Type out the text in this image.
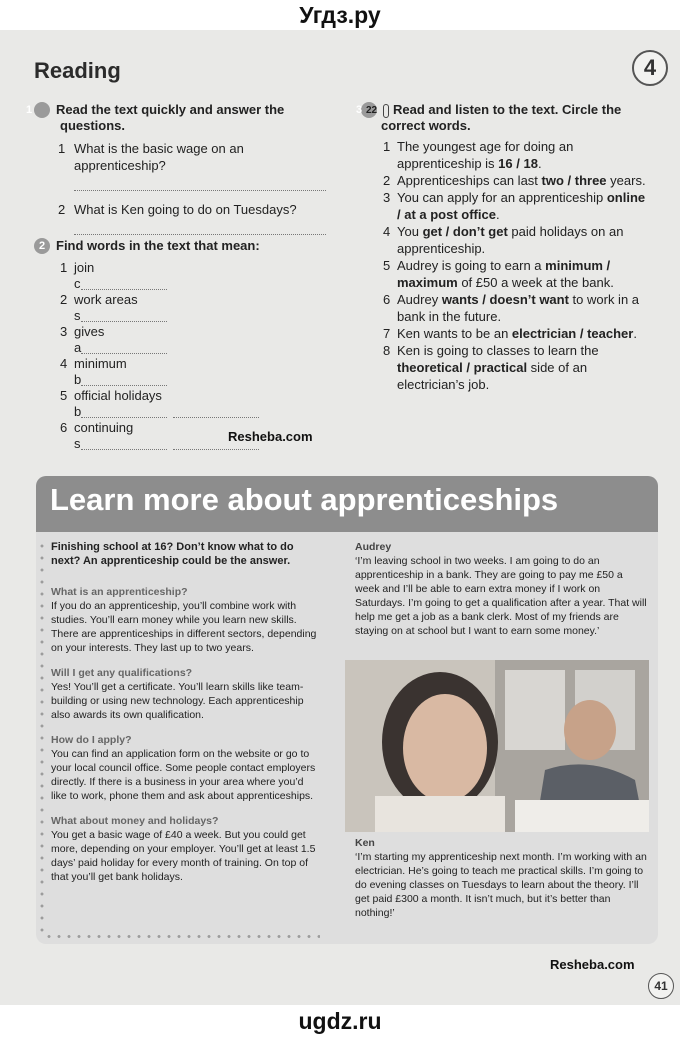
Угдз.ру
Reading	4
1 Read the text quickly and answer the questions.
1 What is the basic wage on an apprenticeship?
2 What is Ken going to do on Tuesdays?
2 Find words in the text that mean:
1 join
c
2 work areas
s
3 gives
a
4 minimum
b
5 official holidays
b
6 continuing
s	Resheba.com
3 22 Read and listen to the text. Circle the correct words.
1 The youngest age for doing an apprenticeship is 16 / 18.
2 Apprenticeships can last two / three years.
3 You can apply for an apprenticeship online / at a post office.
4 You get / don’t get paid holidays on an apprenticeship.
5 Audrey is going to earn a minimum / maximum of £50 a week at the bank.
6 Audrey wants / doesn’t want to work in a bank in the future.
7 Ken wants to be an electrician / teacher.
8 Ken is going to classes to learn the theoretical / practical side of an electrician’s job.
Learn more about apprenticeships
Finishing school at 16? Don’t know what to do next? An apprenticeship could be the answer.
What is an apprenticeship?
If you do an apprenticeship, you’ll combine work with studies. You’ll earn money while you learn new skills. There are apprenticeships in different sectors, depending on your interests. They last up to two years.
Will I get any qualifications?
Yes! You’ll get a certificate. You’ll learn skills like team-building or using new technology. Each apprenticeship also awards its own qualification.
How do I apply?
You can find an application form on the website or go to your local council office. Some people contact employers directly. If there is a business in your area where you’d like to work, phone them and ask about apprenticeships.
What about money and holidays?
You get a basic wage of £40 a week. But you could get more, depending on your employer. You’ll get at least 1.5 days’ paid holiday for every month of training. On top of that you’ll get bank holidays.
Audrey
‘I’m leaving school in two weeks. I am going to do an apprenticeship in a bank. They are going to pay me £50 a week and I’ll be able to earn extra money if I work on Saturdays. I’m going to get a qualification after a year. That will help me get a job as a bank clerk. Most of my friends are staying on at school but I want to earn some money.’
Ken
‘I’m starting my apprenticeship next month. I’m working with an electrician. He’s going to teach me practical skills. I’m going to do evening classes on Tuesdays to learn about the theory. I’ll get paid £300 a month. It isn’t much, but it’s better than nothing!’
Resheba.com
41
ugdz.ru
